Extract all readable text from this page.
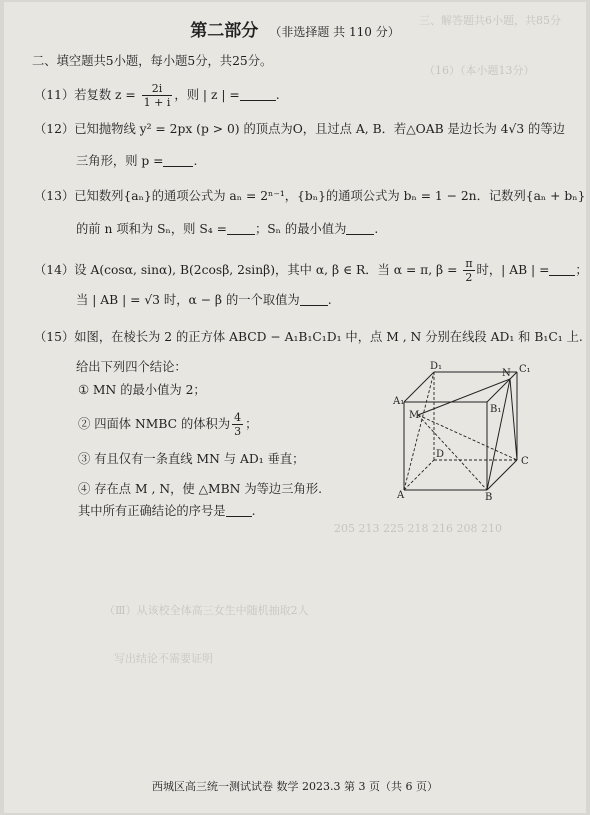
三、解答题共6小题，共85分
（16）（本小题13分）
205 213 225 218 216 208 210
（Ⅲ）从该校全体高三女生中随机抽取2人
写出结论不需要证明
第二部分 （非选择题 共 110 分）
二、填空题共5小题，每小题5分，共25分。
（11）若复数 $z = \frac{2i}{1 + i}$ ，则 | z | =	.
（12）已知抛物线 y² = 2px (p > 0) 的顶点为O，且过点 A, B．若△OAB 是边长为 4√3 的等边
三角形，则 p = .
（13）已知数列{aₙ}的通项公式为 aₙ = 2ⁿ⁻¹，{bₙ}的通项公式为 bₙ = 1 − 2n．记数列{aₙ + bₙ}
的前 n 项和为 Sₙ，则 S₄ = ；Sₙ 的最小值为 .
（14）设 A(cosα, sinα), B(2cosβ, 2sinβ)，其中 α, β ∈ R．当 α = π, $\beta = \frac{\pi}{2}$ 时，| AB | = ；
当 | AB | = √3 时，α − β 的一个取值为 .
（15）如图，在棱长为 2 的正方体 ABCD − A₁B₁C₁D₁ 中，点 M , N 分别在线段 AD₁ 和 B₁C₁ 上.
给出下列四个结论：
① MN 的最小值为 2；
② 四面体 NMBC 的体积为 $\frac{4}{3}$ ；
③ 有且仅有一条直线 MN 与 AD₁ 垂直；
④ 存在点 M , N，使 △MBN 为等边三角形.
其中所有正确结论的序号是 .
D₁	C₁
A₁
B₁
M
N
D
C
A	B
西城区高三统一测试试卷 数学 2023.3 第 3 页（共 6 页）
